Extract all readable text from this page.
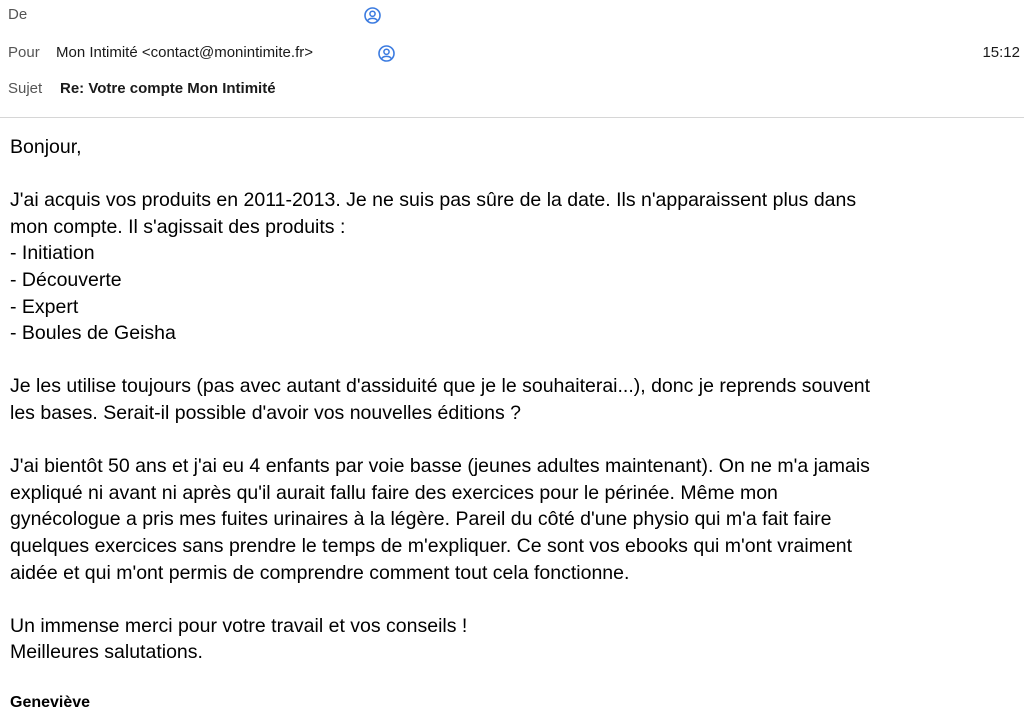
De
Pour Mon Intimité <contact@monintimite.fr>	15:12
Sujet Re: Votre compte Mon Intimité

Bonjour,

J'ai acquis vos produits en 2011-2013. Je ne suis pas sûre de la date. Ils n'apparaissent plus dans
mon compte. Il s'agissait des produits :
- Initiation
- Découverte
- Expert
- Boules de Geisha

Je les utilise toujours (pas avec autant d'assiduité que je le souhaiterai...), donc je reprends souvent
les bases. Serait-il possible d'avoir vos nouvelles éditions ?

J'ai bientôt 50 ans et j'ai eu 4 enfants par voie basse (jeunes adultes maintenant). On ne m'a jamais
expliqué ni avant ni après qu'il aurait fallu faire des exercices pour le périnée. Même mon
gynécologue a pris mes fuites urinaires à la légère. Pareil du côté d'une physio qui m'a fait faire
quelques exercices sans prendre le temps de m'expliquer. Ce sont vos ebooks qui m'ont vraiment
aidée et qui m'ont permis de comprendre comment tout cela fonctionne.

Un immense merci pour votre travail et vos conseils !
Meilleures salutations.

Geneviève
